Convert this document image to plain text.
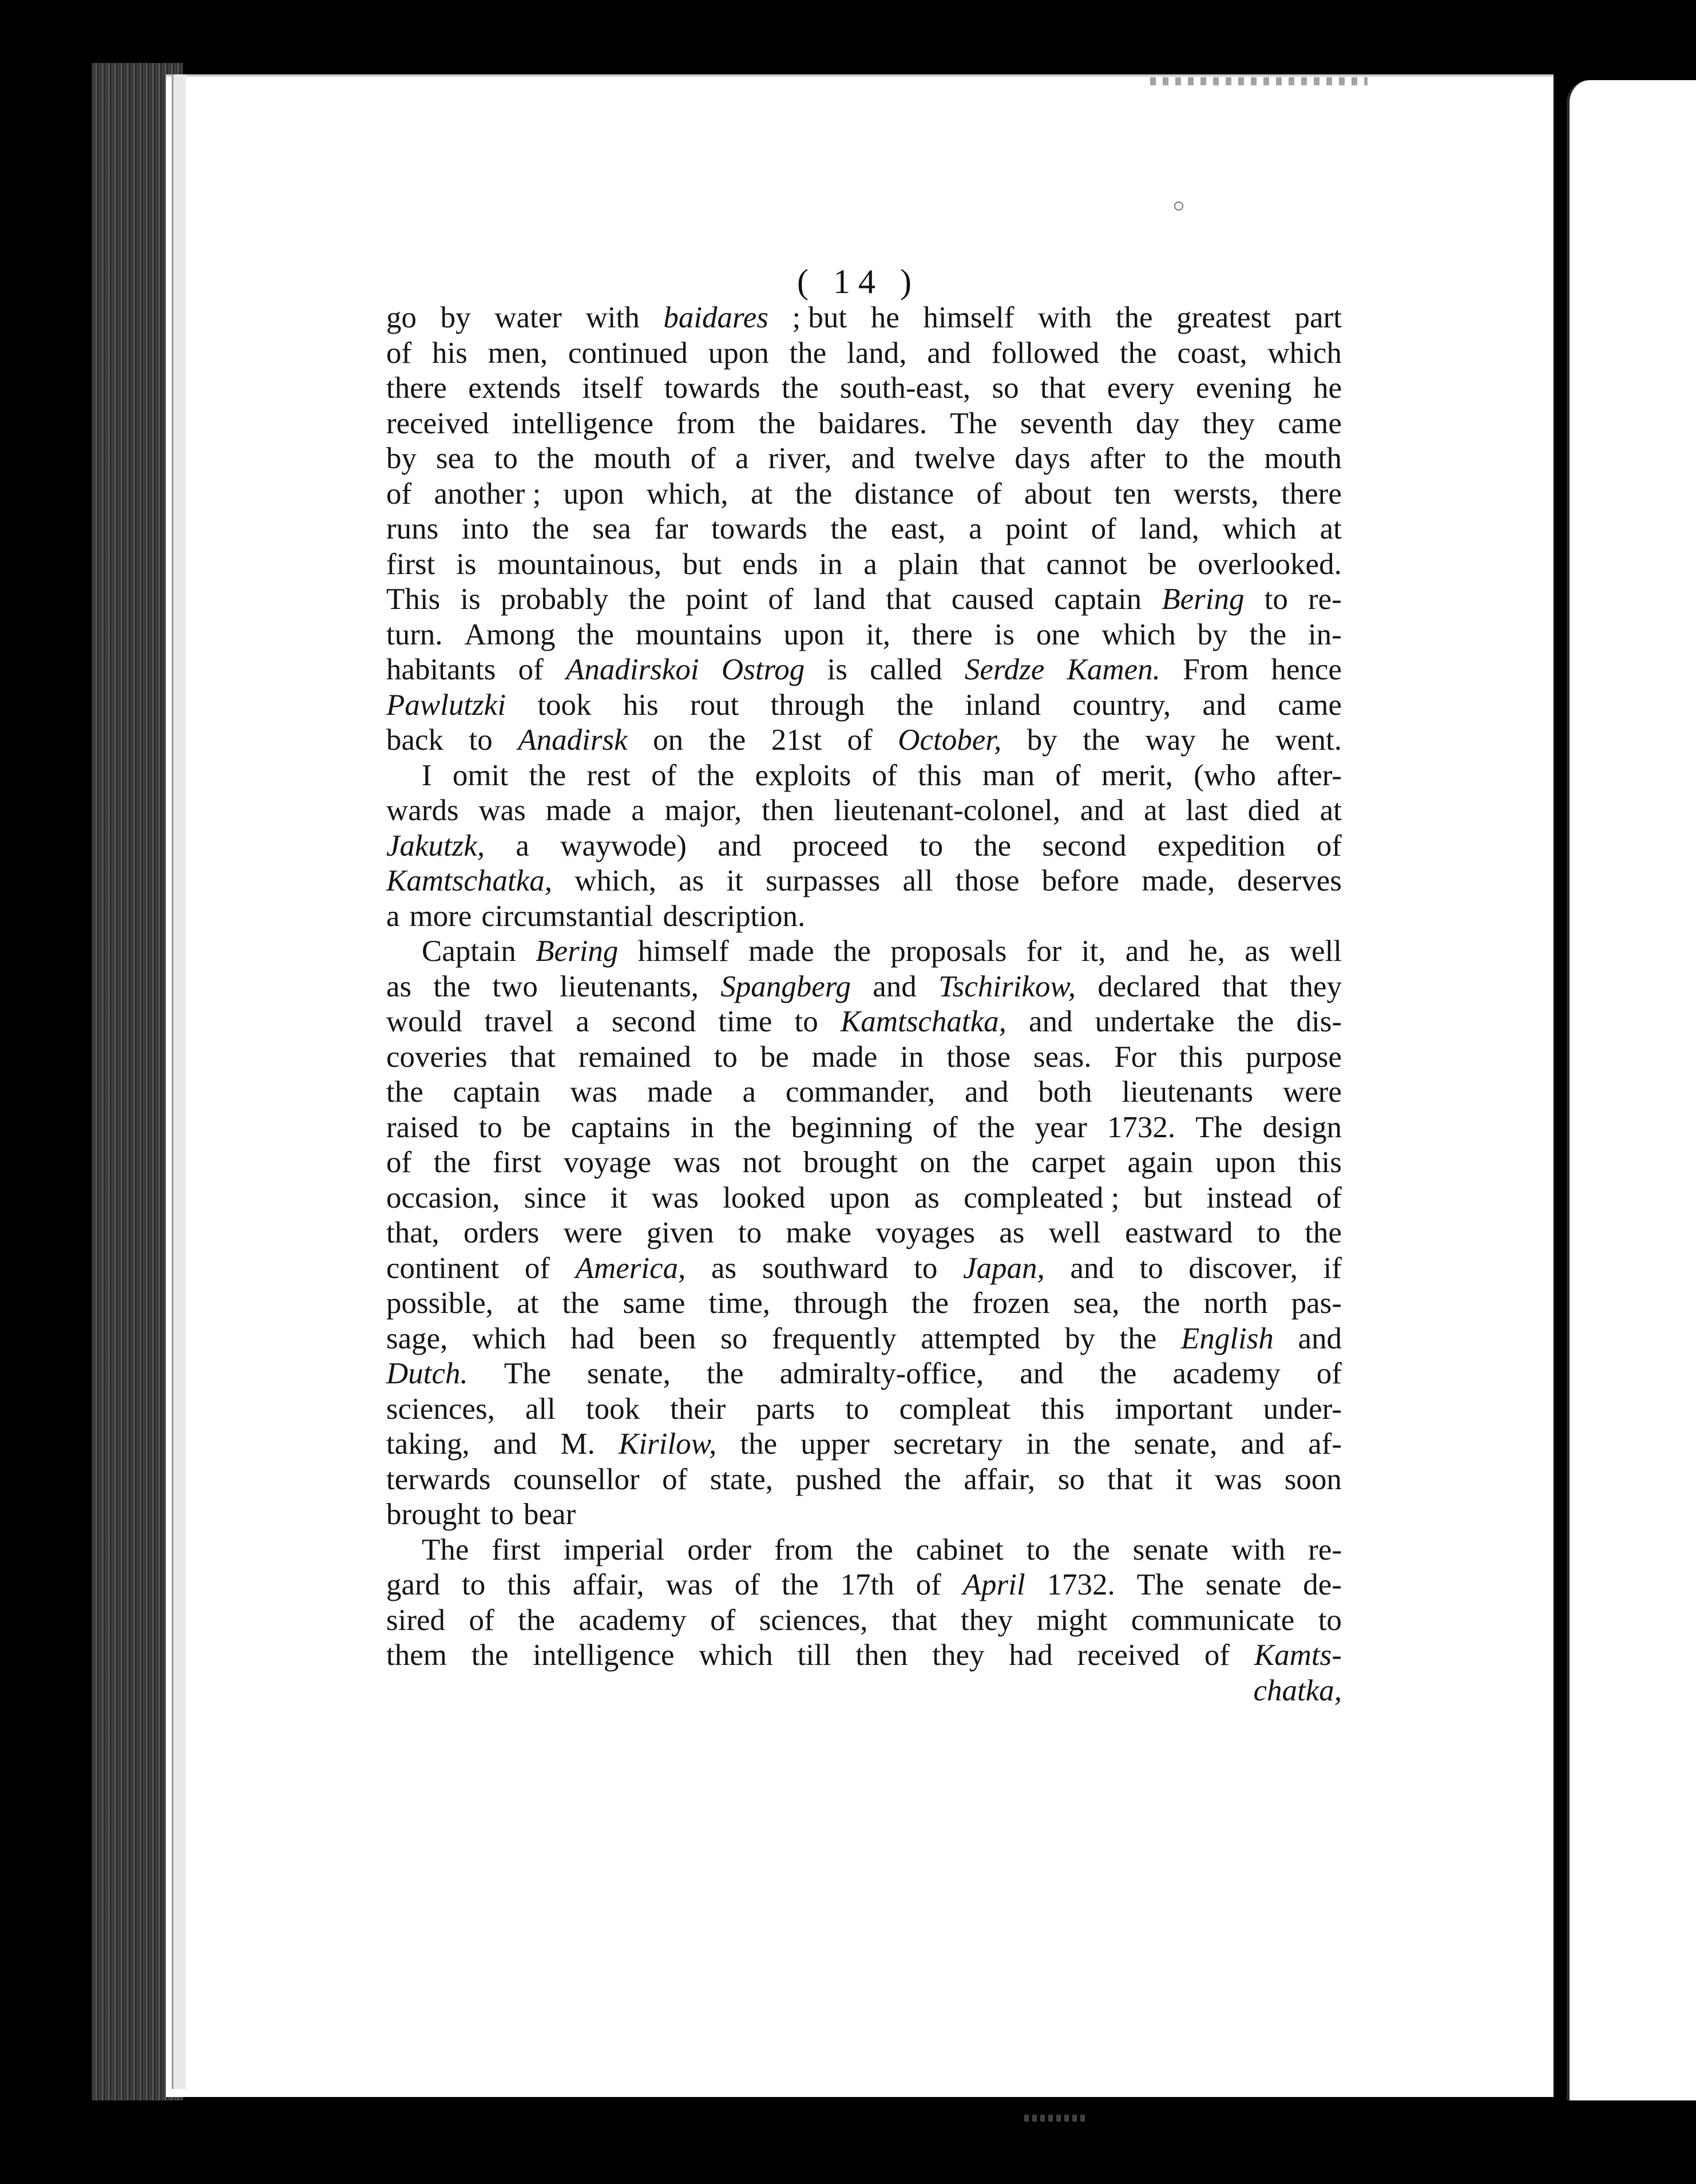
( 14 )
go by water with baidares ; but he himself with the greatest part
of his men, continued upon the land, and followed the coast, which
there extends itself towards the south-east, so that every evening he
received intelligence from the baidares. The seventh day they came
by sea to the mouth of a river, and twelve days after to the mouth
of another ; upon which, at the distance of about ten wersts, there
runs into the sea far towards the east, a point of land, which at
first is mountainous, but ends in a plain that cannot be overlooked.
This is probably the point of land that caused captain Bering to re-
turn. Among the mountains upon it, there is one which by the in-
habitants of Anadirskoi Ostrog is called Serdze Kamen. From hence
Pawlutzki took his rout through the inland country, and came
back to Anadirsk on the 21st of October, by the way he went.
I omit the rest of the exploits of this man of merit, (who after-
wards was made a major, then lieutenant-colonel, and at last died at
Jakutzk, a waywode) and proceed to the second expedition of
Kamtschatka, which, as it surpasses all those before made, deserves
a more circumstantial description.
Captain Bering himself made the proposals for it, and he, as well
as the two lieutenants, Spangberg and Tschirikow, declared that they
would travel a second time to Kamtschatka, and undertake the dis-
coveries that remained to be made in those seas. For this purpose
the captain was made a commander, and both lieutenants were
raised to be captains in the beginning of the year 1732. The design
of the first voyage was not brought on the carpet again upon this
occasion, since it was looked upon as compleated ; but instead of
that, orders were given to make voyages as well eastward to the
continent of America, as southward to Japan, and to discover, if
possible, at the same time, through the frozen sea, the north pas-
sage, which had been so frequently attempted by the English and
Dutch. The senate, the admiralty-office, and the academy of
sciences, all took their parts to compleat this important under-
taking, and M. Kirilow, the upper secretary in the senate, and af-
terwards counsellor of state, pushed the affair, so that it was soon
brought to bear
The first imperial order from the cabinet to the senate with re-
gard to this affair, was of the 17th of April 1732. The senate de-
sired of the academy of sciences, that they might communicate to
them the intelligence which till then they had received of Kamts-
chatka,
